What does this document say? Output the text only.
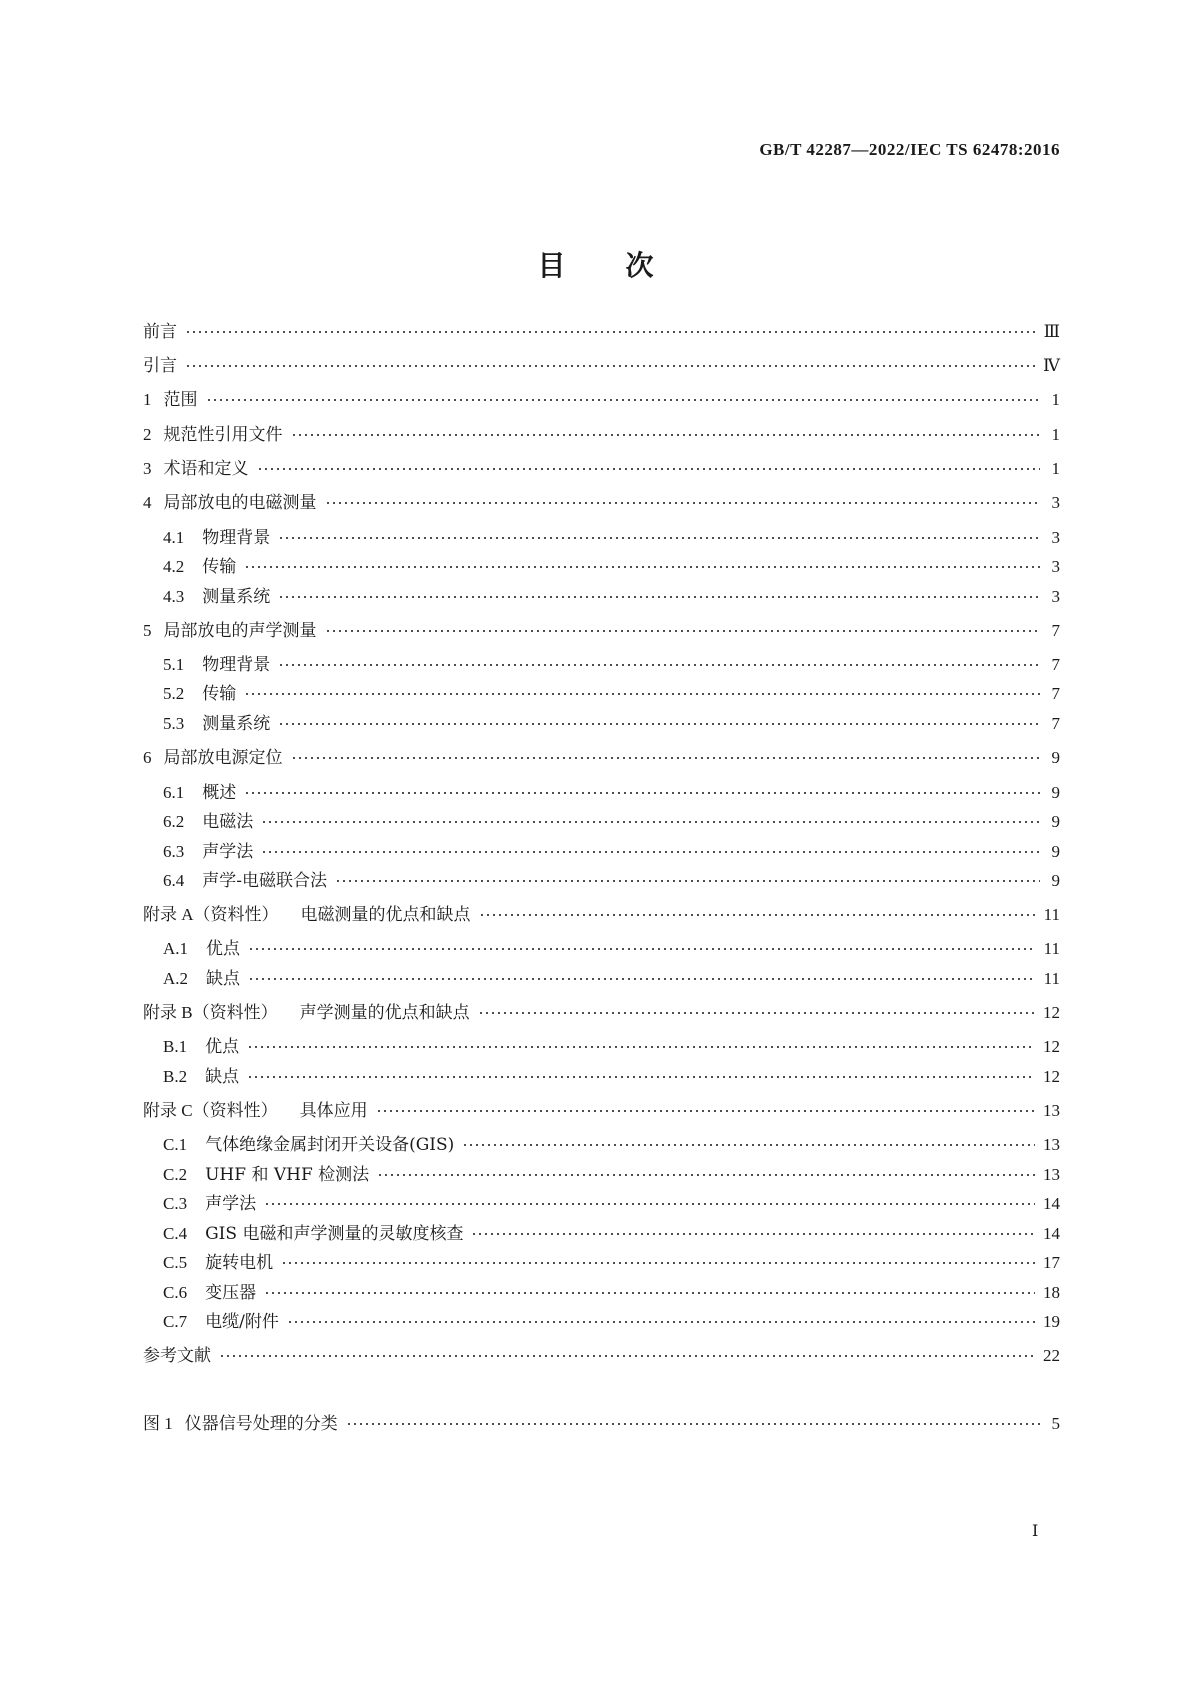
GB/T 42287—2022/IEC TS 62478:2016
目 次
前言	Ⅲ
引言	Ⅳ
1 范围	1
2 规范性引用文件	1
3 术语和定义	1
4 局部放电的电磁测量	3
4.1 物理背景	3
4.2 传输	3
4.3 测量系统	3
5 局部放电的声学测量	7
5.1 物理背景	7
5.2 传输	7
5.3 测量系统	7
6 局部放电源定位	9
6.1 概述	9
6.2 电磁法	9
6.3 声学法	9
6.4 声学-电磁联合法	9
附录 A（资料性） 电磁测量的优点和缺点	11
A.1 优点	11
A.2 缺点	11
附录 B（资料性） 声学测量的优点和缺点	12
B.1 优点	12
B.2 缺点	12
附录 C（资料性） 具体应用	13
C.1 气体绝缘金属封闭开关设备(GIS)	13
C.2 UHF 和 VHF 检测法	13
C.3 声学法	14
C.4 GIS 电磁和声学测量的灵敏度核查	14
C.5 旋转电机	17
C.6 变压器	18
C.7 电缆/附件	19
参考文献	22
图 1 仪器信号处理的分类	5
Ⅰ
